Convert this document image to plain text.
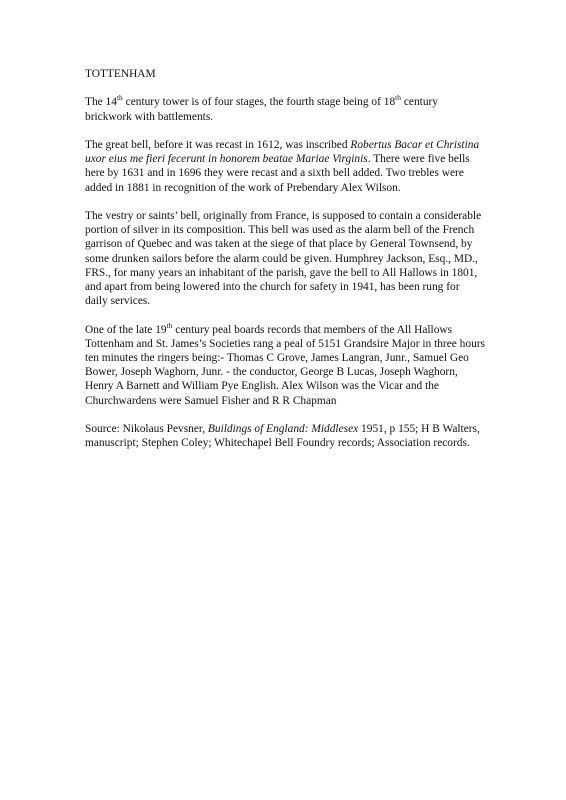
TOTTENHAM

The 14th century tower is of four stages, the fourth stage being of 18th century brickwork with battlements.

The great bell, before it was recast in 1612, was inscribed Robertus Bacar et Christina uxor eius me fieri fecerunt in honorem beatae Mariae Virginis. There were five bells here by 1631 and in 1696 they were recast and a sixth bell added. Two trebles were added in 1881 in recognition of the work of Prebendary Alex Wilson.

The vestry or saints’ bell, originally from France, is supposed to contain a considerable portion of silver in its composition. This bell was used as the alarm bell of the French garrison of Quebec and was taken at the siege of that place by General Townsend, by some drunken sailors before the alarm could be given. Humphrey Jackson, Esq., MD., FRS., for many years an inhabitant of the parish, gave the bell to All Hallows in 1801, and apart from being lowered into the church for safety in 1941, has been rung for daily services.

One of the late 19th century peal boards records that members of the All Hallows Tottenham and St. James’s Societies rang a peal of 5151 Grandsire Major in three hours ten minutes the ringers being:- Thomas C Grove, James Langran, Junr., Samuel Geo Bower, Joseph Waghorn, Junr. - the conductor, George B Lucas, Joseph Waghorn, Henry A Barnett and William Pye English. Alex Wilson was the Vicar and the Churchwardens were Samuel Fisher and R R Chapman

Source: Nikolaus Pevsner, Buildings of England: Middlesex 1951, p 155; H B Walters, manuscript; Stephen Coley; Whitechapel Bell Foundry records; Association records.
